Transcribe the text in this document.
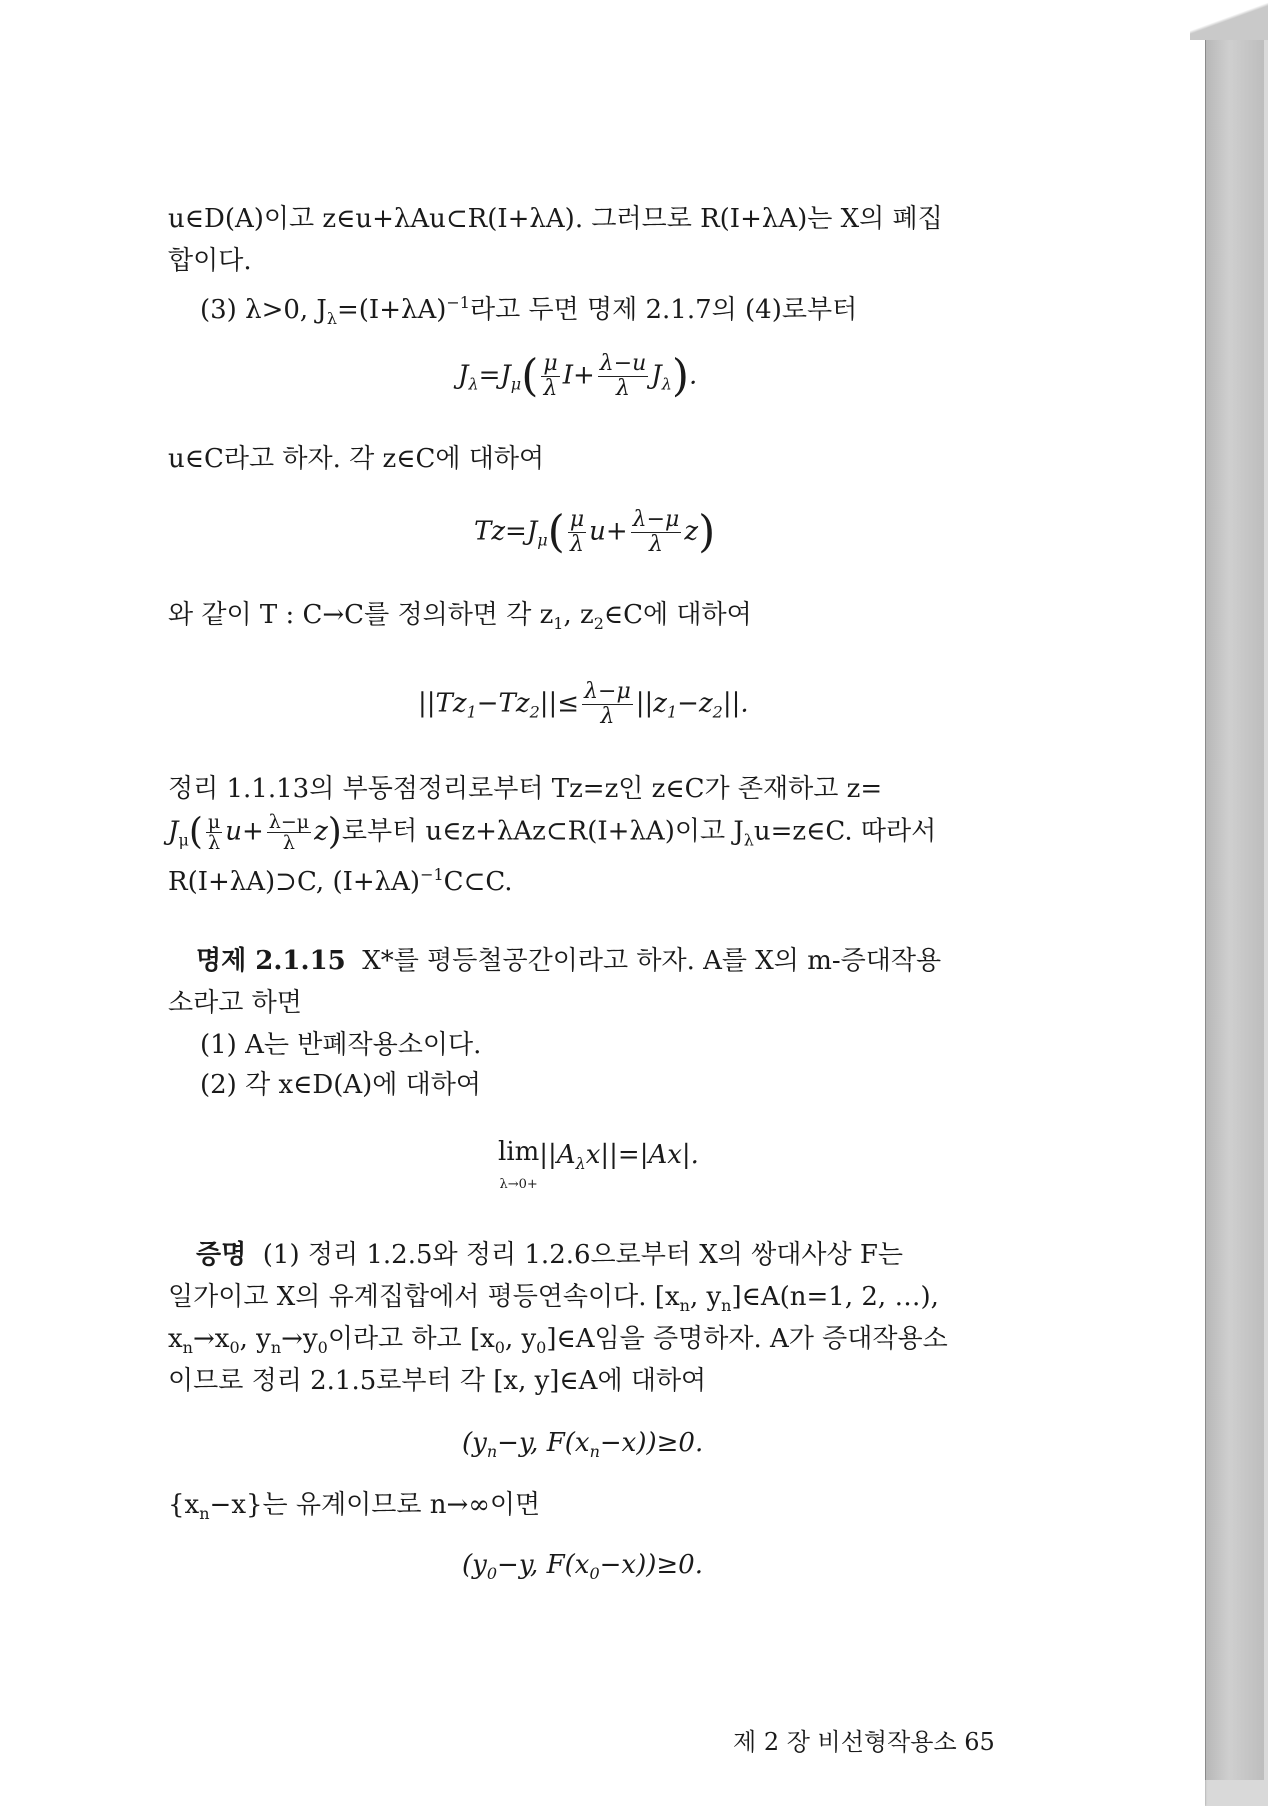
u∈D(A)이고 z∈u+λAu⊂R(I+λA). 그러므로 R(I+λA)는 X의 폐집
합이다.
(3) λ>0, $J_\lambda=(I+\lambda A)^{-1}$라고 두면 명제 2.1.7의 (4)로부터
$J_\lambda=J_\mu( \frac{\mu}{\lambda} I+ \frac{\lambda-u}{\lambda} J_\lambda)$.
u∈C라고 하자. 각 z∈C에 대하여
$Tz=J_\mu( \frac{\mu}{\lambda} u+ \frac{\lambda-\mu}{\lambda} z)$
와 같이 T : C→C를 정의하면 각 $z_1$, $z_2\in C$에 대하여
$||Tz_1-Tz_2||\le \frac{\lambda-\mu}{\lambda} ||z_1-z_2||$.
정리 1.1.13의 부동점정리로부터 Tz=z인 z∈C가 존재하고 z=
$J_\mu( \frac{\mu}{\lambda} u+ \frac{\lambda-\mu}{\lambda} z)$로부터 u∈z+λAz⊂R(I+λA)이고 $J_\lambda u=z\in C$. 따라서
R(I+λA)⊃C, $(I+\lambda A)^{-1}C\subset C$.
명제 2.1.15 X*를 평등철공간이라고 하자. A를 X의 m-증대작용
소라고 하면
(1) A는 반폐작용소이다.
(2) 각 x∈D(A)에 대하여
lim
$\lambda\to 0+||A_\lambda x||=|Ax|$.
증명 (1) 정리 1.2.5와 정리 1.2.6으로부터 X의 쌍대사상 F는
일가이고 X의 유계집합에서 평등연속이다. [$x_n$, $y_n]\in A(n=1$, 2, …),
$x_n\to x_0$, $y_n\to y_0$이라고 하고 [$x_0$, $y_0]\in A$임을 증명하자. A가 증대작용소
이므로 정리 2.1.5로부터 각 [x, y]∈A에 대하여
($y_n-y$, $F(x_n-x))\ge 0$.
$\{x_n-x\}$는 유계이므로 n→∞이면
($y_0-y$, $F(x_0-x))\ge 0$.
제 2 장 비선형작용소 65
